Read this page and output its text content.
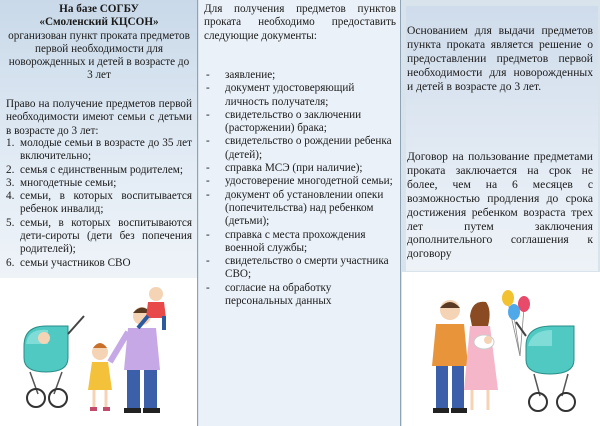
На базе СОГБУ
«Смоленский КЦСОН»
организован пункт проката предметов первой необходимости для новорожденных и детей в возрасте до 3 лет
Право на получение предметов первой необходимости имеют семьи с детьми в возрасте до 3 лет:
1. молодые семьи в возрасте до 35 лет включительно;
2. семья с единственным родителем;
3. многодетные семьи;
4. семьи, в которых воспитывается ребенок инвалид;
5. семьи, в которых воспитываются дети-сироты (дети без попечения родителей);
6. семьи участников СВО
Для получения предметов пунктов проката необходимо предоставить следующие документы:
- заявление;
- документ удостоверяющий личность получателя;
- свидетельство о заключении (расторжении) брака;
- свидетельство о рождении ребенка (детей);
- справка МСЭ (при наличие);
- удостоверение многодетной семьи;
- документ об установлении опеки (попечительства) над ребенком (детьми);
- справка с места прохождения военной службы;
- свидетельство о смерти участника СВО;
- согласие на обработку персональных данных
Основанием для выдачи предметов пункта проката является решение о предоставлении предметов первой необходимости для новорожденных и детей в возрасте до 3 лет.
Договор на пользование предметами проката заключается на срок не более, чем на 6 месяцев с возможностью продления до срока достижения ребенком возраста трех лет путем заключения дополнительного соглашения к договору
